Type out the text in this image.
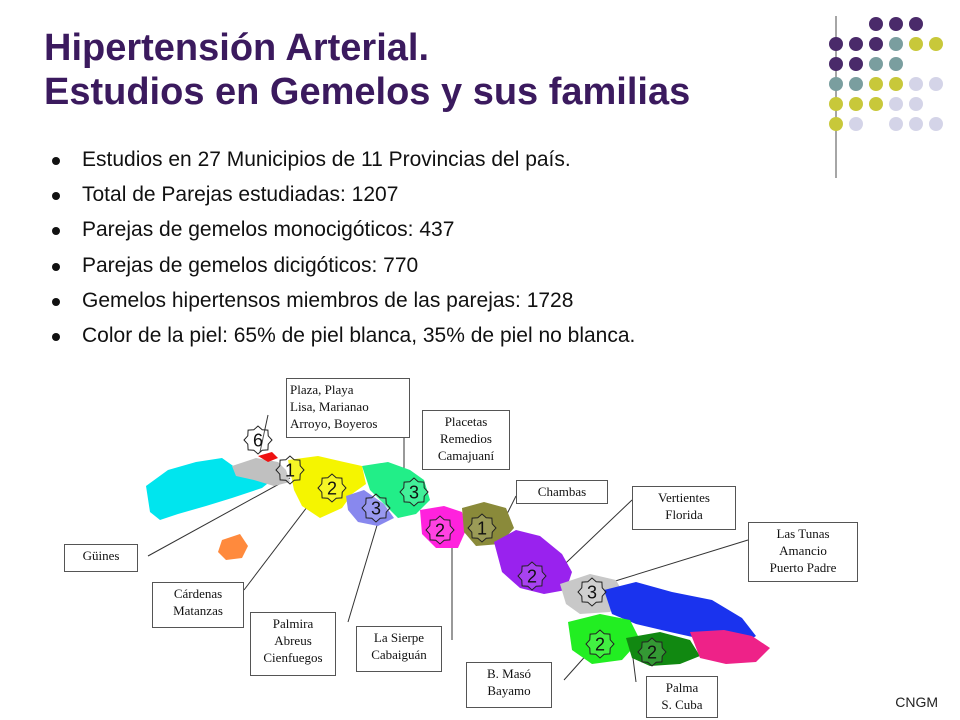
Hipertensión Arterial.
Estudios en Gemelos y sus familias
Estudios en 27 Municipios de 11 Provincias del país.
Total de Parejas estudiadas: 1207
Parejas de gemelos monocigóticos: 437
Parejas de gemelos dicigóticos: 770
Gemelos hipertensos miembros de las parejas: 1728
Color de la piel: 65% de piel blanca, 35% de piel no blanca.
6
1
2
3
3
2 1
2
3
2 2
Plaza, Playa
Lisa, Marianao
Arroyo, Boyeros	Placetas
Remedios
Camajuaní
Chambas	Vertientes
Florida
Las Tunas
Amancio
Puerto Padre
Güines
Cárdenas
Matanzas
Palmira
Abreus
Cienfuegos
La Sierpe
Cabaiguán
B. Masó
Bayamo	Palma
S. Cuba	CNGM
